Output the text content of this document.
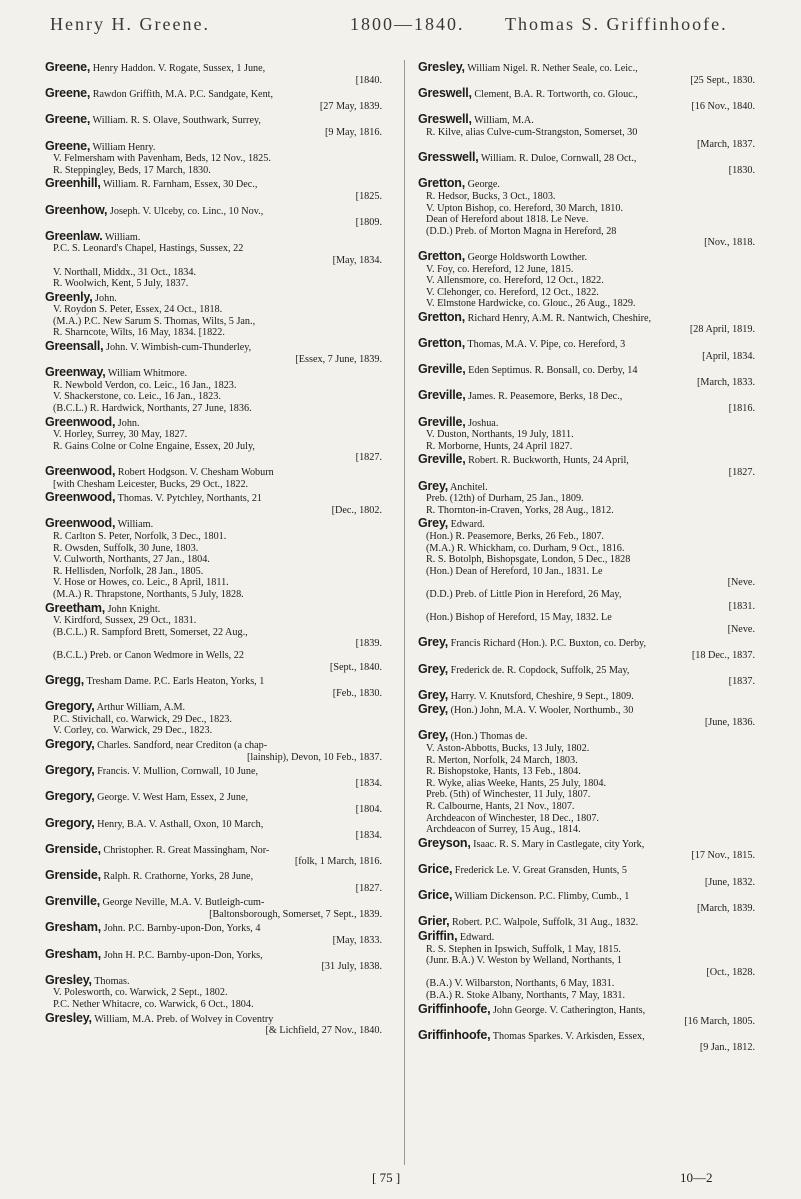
Henry H. Greene.	1800—1840. Thomas S. Griffinhoofe.
Greene, Henry Haddon. V. Rogate, Sussex, 1 June,
[1840.
Greene, Rawdon Griffith, M.A. P.C. Sandgate, Kent,
[27 May, 1839.
Greene, William. R. S. Olave, Southwark, Surrey,
[9 May, 1816.
Greene, William Henry.
V. Felmersham with Pavenham, Beds, 12 Nov., 1825.
R. Steppingley, Beds, 17 March, 1830.
Greenhill, William. R. Farnham, Essex, 30 Dec.,
[1825.
Greenhow, Joseph. V. Ulceby, co. Linc., 10 Nov.,
[1809.
Greenlaw. William.
P.C. S. Leonard's Chapel, Hastings, Sussex, 22
[May, 1834.
V. Northall, Middx., 31 Oct., 1834.
R. Woolwich, Kent, 5 July, 1837.
Greenly, John.
V. Roydon S. Peter, Essex, 24 Oct., 1818.
(M.A.) P.C. New Sarum S. Thomas, Wilts, 5 Jan.,
R. Sharncote, Wilts, 16 May, 1834. [1822.
Greensall, John. V. Wimbish-cum-Thunderley,
[Essex, 7 June, 1839.
Greenway, William Whitmore.
R. Newbold Verdon, co. Leic., 16 Jan., 1823.
V. Shackerstone, co. Leic., 16 Jan., 1823.
(B.C.L.) R. Hardwick, Northants, 27 June, 1836.
Greenwood, John.
V. Horley, Surrey, 30 May, 1827.
R. Gains Colne or Colne Engaine, Essex, 20 July,
[1827.
Greenwood, Robert Hodgson. V. Chesham Woburn
[with Chesham Leicester, Bucks, 29 Oct., 1822.
Greenwood, Thomas. V. Pytchley, Northants, 21
[Dec., 1802.
Greenwood, William.
R. Carlton S. Peter, Norfolk, 3 Dec., 1801.
R. Owsden, Suffolk, 30 June, 1803.
V. Culworth, Northants, 27 Jan., 1804.
R. Hellisden, Norfolk, 28 Jan., 1805.
V. Hose or Howes, co. Leic., 8 April, 1811.
(M.A.) R. Thrapstone, Northants, 5 July, 1828.
Greetham, John Knight.
V. Kirdford, Sussex, 29 Oct., 1831.
(B.C.L.) R. Sampford Brett, Somerset, 22 Aug.,
[1839.
(B.C.L.) Preb. or Canon Wedmore in Wells, 22
[Sept., 1840.
Gregg, Tresham Dame. P.C. Earls Heaton, Yorks, 1
[Feb., 1830.
Gregory, Arthur William, A.M.
P.C. Stivichall, co. Warwick, 29 Dec., 1823.
V. Corley, co. Warwick, 29 Dec., 1823.
Gregory, Charles. Sandford, near Crediton (a chap-
[lainship), Devon, 10 Feb., 1837.
Gregory, Francis. V. Mullion, Cornwall, 10 June,
[1834.
Gregory, George. V. West Ham, Essex, 2 June,
[1804.
Gregory, Henry, B.A. V. Asthall, Oxon, 10 March,
[1834.
Grenside, Christopher. R. Great Massingham, Nor-
[folk, 1 March, 1816.
Grenside, Ralph. R. Crathorne, Yorks, 28 June,
[1827.
Grenville, George Neville, M.A. V. Butleigh-cum-
[Baltonsborough, Somerset, 7 Sept., 1839.
Gresham, John. P.C. Barnby-upon-Don, Yorks, 4
[May, 1833.
Gresham, John H. P.C. Barnby-upon-Don, Yorks,
[31 July, 1838.
Gresley, Thomas.
V. Polesworth, co. Warwick, 2 Sept., 1802.
P.C. Nether Whitacre, co. Warwick, 6 Oct., 1804.
Gresley, William, M.A. Preb. of Wolvey in Coventry
[& Lichfield, 27 Nov., 1840.
Gresley, William Nigel. R. Nether Seale, co. Leic.,
[25 Sept., 1830.
Greswell, Clement, B.A. R. Tortworth, co. Glouc.,
[16 Nov., 1840.
Greswell, William, M.A.
R. Kilve, alias Culve-cum-Strangston, Somerset, 30
[March, 1837.
Gresswell, William. R. Duloe, Cornwall, 28 Oct.,
[1830.
Gretton, George.
R. Hedsor, Bucks, 3 Oct., 1803.
V. Upton Bishop, co. Hereford, 30 March, 1810.
Dean of Hereford about 1818. Le Neve.
(D.D.) Preb. of Morton Magna in Hereford, 28
[Nov., 1818.
Gretton, George Holdsworth Lowther.
V. Foy, co. Hereford, 12 June, 1815.
V. Allensmore, co. Hereford, 12 Oct., 1822.
V. Clehonger, co. Hereford, 12 Oct., 1822.
V. Elmstone Hardwicke, co. Glouc., 26 Aug., 1829.
Gretton, Richard Henry, A.M. R. Nantwich, Cheshire,
[28 April, 1819.
Gretton, Thomas, M.A. V. Pipe, co. Hereford, 3
[April, 1834.
Greville, Eden Septimus. R. Bonsall, co. Derby, 14
[March, 1833.
Greville, James. R. Peasemore, Berks, 18 Dec.,
[1816.
Greville, Joshua.
V. Duston, Northants, 19 July, 1811.
R. Morborne, Hunts, 24 April 1827.
Greville, Robert. R. Buckworth, Hunts, 24 April,
[1827.
Grey, Anchitel.
Preb. (12th) of Durham, 25 Jan., 1809.
R. Thornton-in-Craven, Yorks, 28 Aug., 1812.
Grey, Edward.
(Hon.) R. Peasemore, Berks, 26 Feb., 1807.
(M.A.) R. Whickham, co. Durham, 9 Oct., 1816.
R. S. Botolph, Bishopsgate, London, 5 Dec., 1828
(Hon.) Dean of Hereford, 10 Jan., 1831. Le
[Neve.
(D.D.) Preb. of Little Pion in Hereford, 26 May,
[1831.
(Hon.) Bishop of Hereford, 15 May, 1832. Le
[Neve.
Grey, Francis Richard (Hon.). P.C. Buxton, co. Derby,
[18 Dec., 1837.
Grey, Frederick de. R. Copdock, Suffolk, 25 May,
[1837.
Grey, Harry. V. Knutsford, Cheshire, 9 Sept., 1809.
Grey, (Hon.) John, M.A. V. Wooler, Northumb., 30
[June, 1836.
Grey, (Hon.) Thomas de.
V. Aston-Abbotts, Bucks, 13 July, 1802.
R. Merton, Norfolk, 24 March, 1803.
R. Bishopstoke, Hants, 13 Feb., 1804.
R. Wyke, alias Weeke, Hants, 25 July, 1804.
Preb. (5th) of Winchester, 11 July, 1807.
R. Calbourne, Hants, 21 Nov., 1807.
Archdeacon of Winchester, 18 Dec., 1807.
Archdeacon of Surrey, 15 Aug., 1814.
Greyson, Isaac. R. S. Mary in Castlegate, city York,
[17 Nov., 1815.
Grice, Frederick Le. V. Great Gransden, Hunts, 5
[June, 1832.
Grice, William Dickenson. P.C. Flimby, Cumb., 1
[March, 1839.
Grier, Robert. P.C. Walpole, Suffolk, 31 Aug., 1832.
Griffin, Edward.
R. S. Stephen in Ipswich, Suffolk, 1 May, 1815.
(Junr. B.A.) V. Weston by Welland, Northants, 1
[Oct., 1828.
(B.A.) V. Wilbarston, Northants, 6 May, 1831.
(B.A.) R. Stoke Albany, Northants, 7 May, 1831.
Griffinhoofe, John George. V. Catherington, Hants,
[16 March, 1805.
Griffinhoofe, Thomas Sparkes. V. Arkisden, Essex,
[9 Jan., 1812.
[ 75 ]	10—2
